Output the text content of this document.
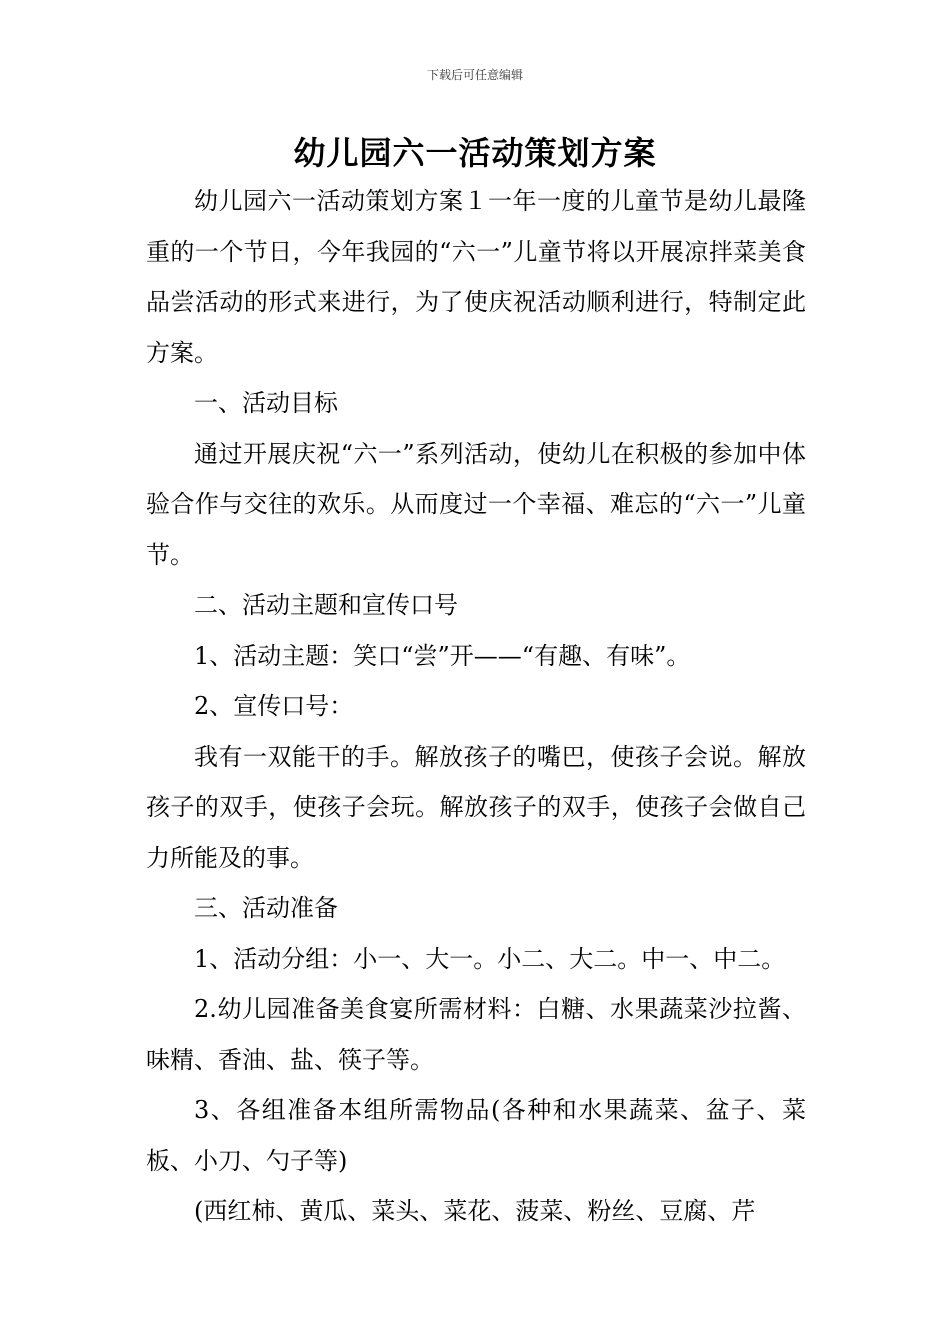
下载后可任意编辑
幼儿园六一活动策划方案

幼儿园六一活动策划方案１一年一度的儿童节是幼儿最隆重的一个节日，今年我园的“六一”儿童节将以开展凉拌菜美食品尝活动的形式来进行，为了使庆祝活动顺利进行，特制定此方案。

一、活动目标

通过开展庆祝“六一”系列活动，使幼儿在积极的参加中体验合作与交往的欢乐。从而度过一个幸福、难忘的“六一”儿童节。

二、活动主题和宣传口号

1、活动主题：笑口“尝”开——“有趣、有味”。

2、宣传口号：

我有一双能干的手。解放孩子的嘴巴，使孩子会说。解放孩子的双手，使孩子会玩。解放孩子的双手，使孩子会做自己力所能及的事。

三、活动准备

1、活动分组：小一、大一。小二、大二。中一、中二。

2.幼儿园准备美食宴所需材料：白糖、水果蔬菜沙拉酱、味精、香油、盐、筷子等。

3、各组准备本组所需物品(各种和水果蔬菜、盆子、菜板、小刀、勺子等)

(西红柿、黄瓜、菜头、菜花、菠菜、粉丝、豆腐、芹
